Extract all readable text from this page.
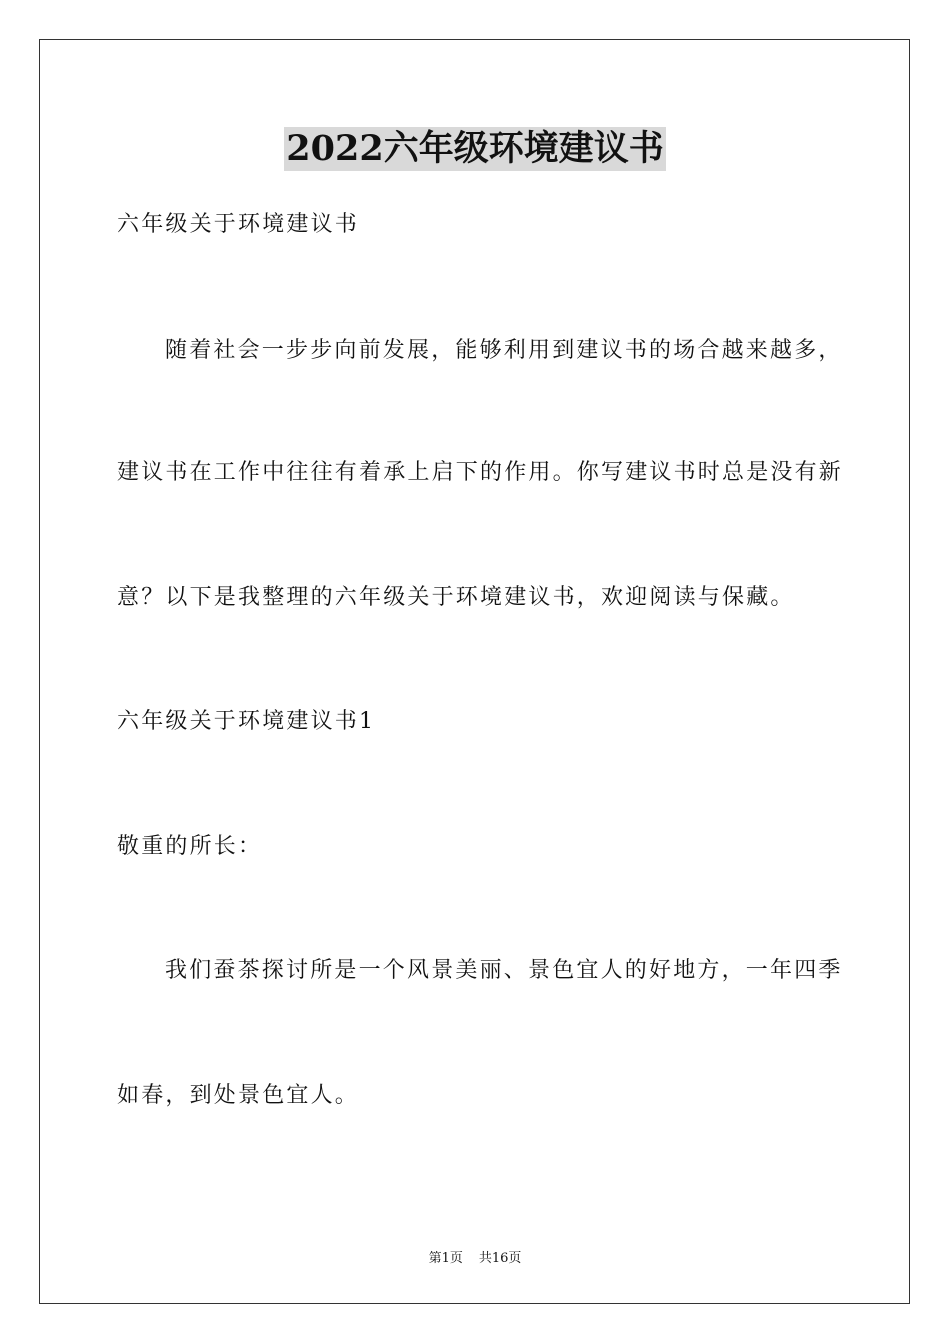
2022六年级环境建议书
六年级关于环境建议书
随着社会一步步向前发展，能够利用到建议书的场合越来越多，
建议书在工作中往往有着承上启下的作用。你写建议书时总是没有新
意？以下是我整理的六年级关于环境建议书，欢迎阅读与保藏。
六年级关于环境建议书1
敬重的所长：
我们蚕茶探讨所是一个风景美丽、景色宜人的好地方，一年四季
如春，到处景色宜人。
第1页 共16页
